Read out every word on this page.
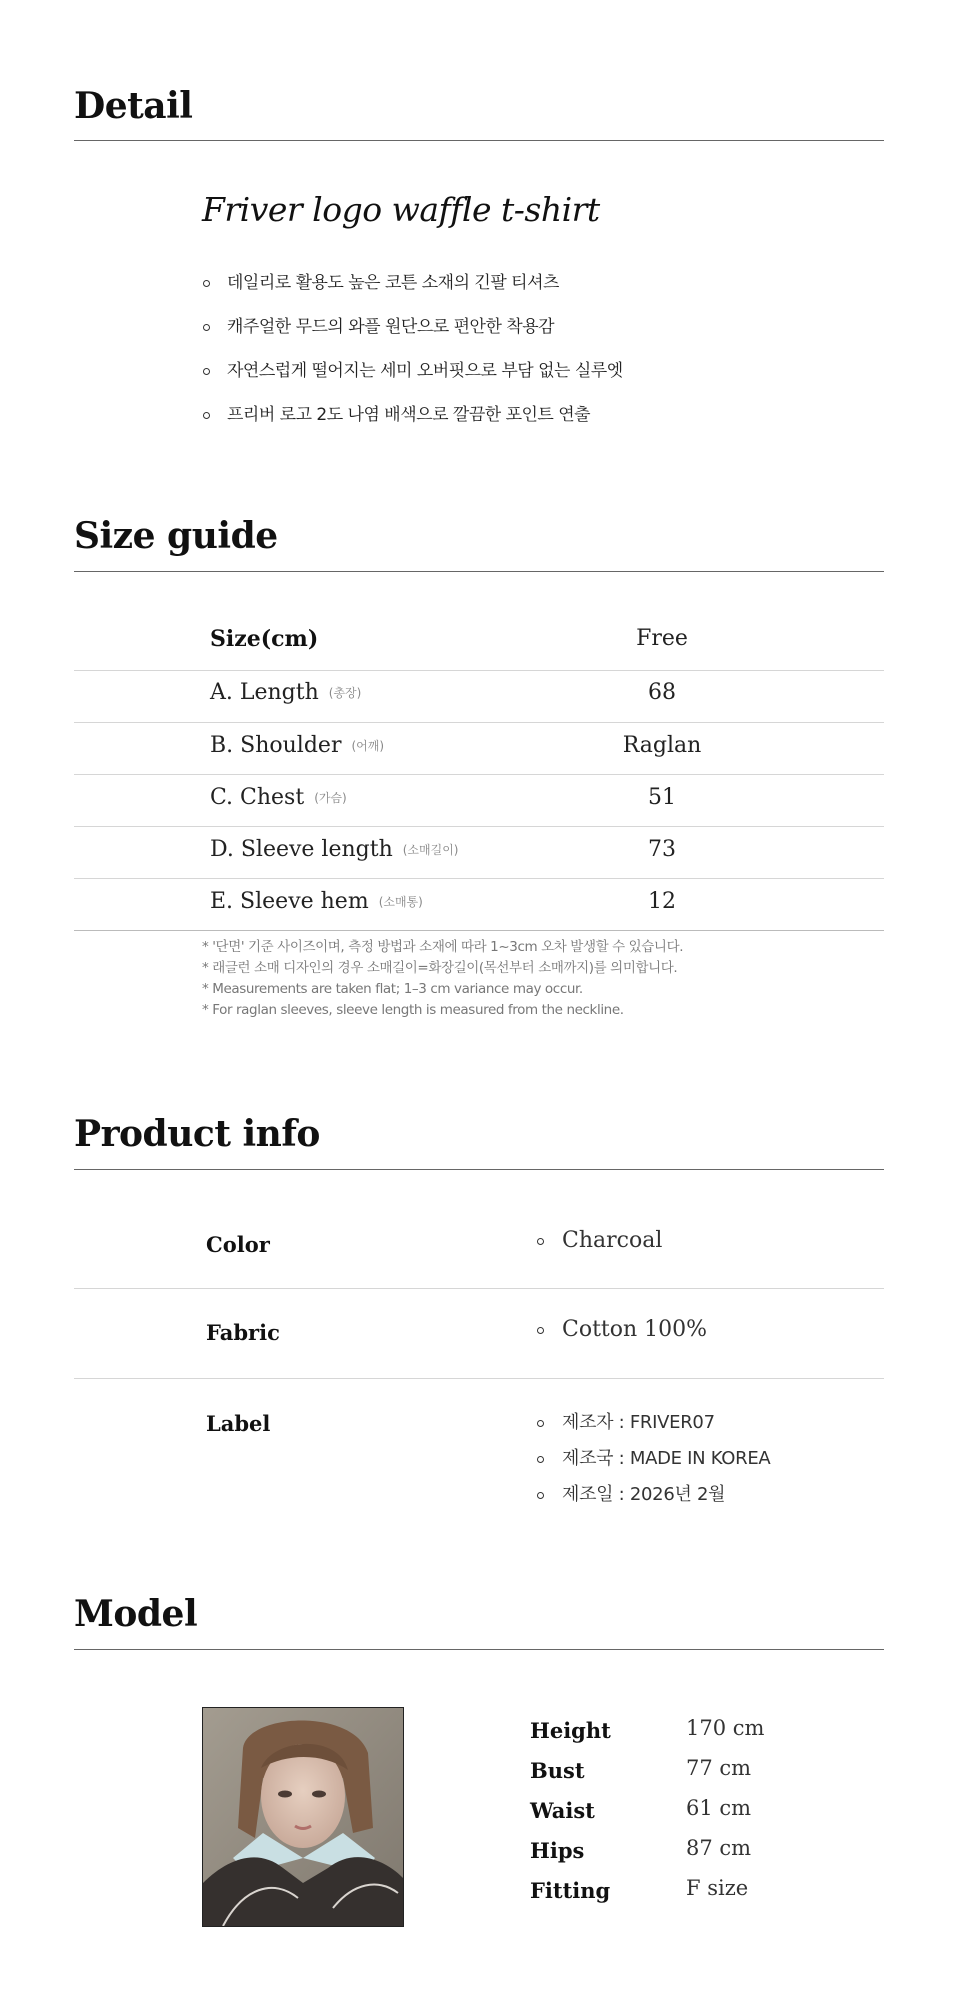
Detail
Friver logo waffle t-shirt
데일리로 활용도 높은 코튼 소재의 긴팔 티셔츠
캐주얼한 무드의 와플 원단으로 편안한 착용감
자연스럽게 떨어지는 세미 오버핏으로 부담 없는 실루엣
프리버 로고 2도 나염 배색으로 깔끔한 포인트 연출
Size guide
Size(cm)	Free
A. Length (총장)	68
B. Shoulder (어깨)	Raglan
C. Chest (가슴)	51
D. Sleeve length (소매길이)	73
E. Sleeve hem (소매통)	12
* '단면' 기준 사이즈이며, 측정 방법과 소재에 따라 1~3cm 오차 발생할 수 있습니다.
* 래글런 소매 디자인의 경우 소매길이=화장길이(목선부터 소매까지)를 의미합니다.
* Measurements are taken flat; 1–3 cm variance may occur.
* For raglan sleeves, sleeve length is measured from the neckline.
Product info
Color	Charcoal
Fabric	Cotton 100%
Label	제조자 : FRIVER07
제조국 : MADE IN KOREA
제조일 : 2026년 2월
Model
Height	170 cm
Bust	77 cm
Waist	61 cm
Hips	87 cm
Fitting	F size
